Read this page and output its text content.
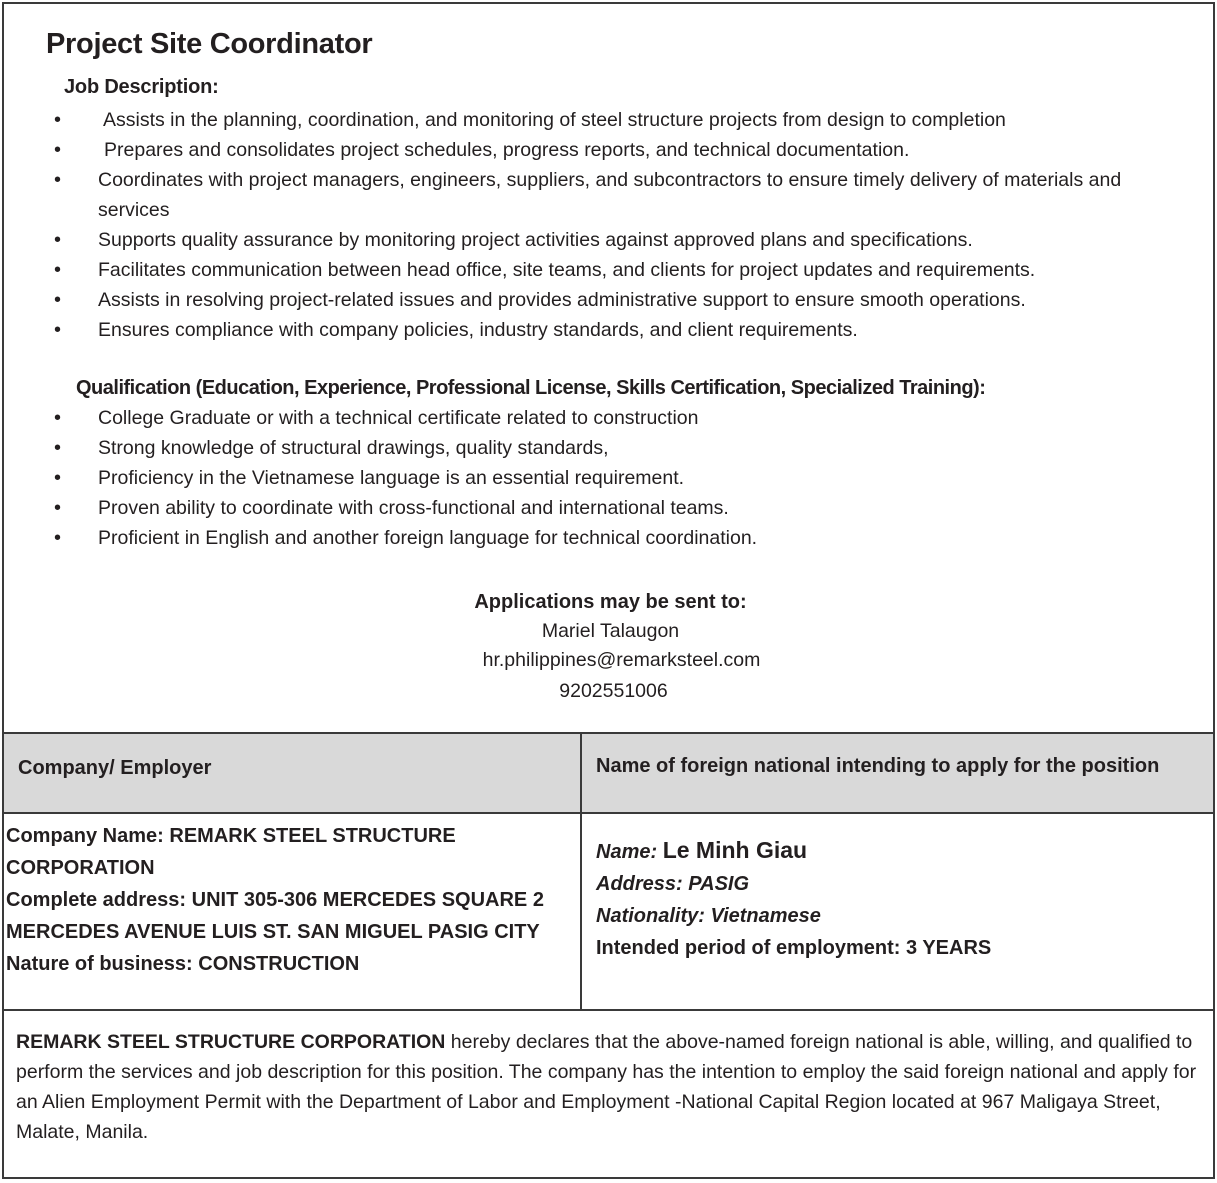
Project Site Coordinator
Job Description:
• Assists in the planning, coordination, and monitoring of steel structure projects from design to completion
• Prepares and consolidates project schedules, progress reports, and technical documentation.
• Coordinates with project managers, engineers, suppliers, and subcontractors to ensure timely delivery of materials and services
• Supports quality assurance by monitoring project activities against approved plans and specifications.
• Facilitates communication between head office, site teams, and clients for project updates and requirements.
• Assists in resolving project-related issues and provides administrative support to ensure smooth operations.
• Ensures compliance with company policies, industry standards, and client requirements.
Qualification (Education, Experience, Professional License, Skills Certification, Specialized Training):
• College Graduate or with a technical certificate related to construction
• Strong knowledge of structural drawings, quality standards,
• Proficiency in the Vietnamese language is an essential requirement.
• Proven ability to coordinate with cross-functional and international teams.
• Proficient in English and another foreign language for technical coordination.
Applications may be sent to:
Mariel Talaugon
hr.philippines@remarksteel.com
9202551006
Company/ Employer	Name of foreign national intending to apply for the position
Company Name: REMARK STEEL STRUCTURE CORPORATION
Complete address: UNIT 305-306 MERCEDES SQUARE 2 MERCEDES AVENUE LUIS ST. SAN MIGUEL PASIG CITY
Nature of business: CONSTRUCTION
Name: Le Minh Giau
Address: PASIG
Nationality: Vietnamese
Intended period of employment: 3 YEARS

REMARK STEEL STRUCTURE CORPORATION hereby declares that the above-named foreign national is able, willing, and qualified to perform the services and job description for this position. The company has the intention to employ the said foreign national and apply for an Alien Employment Permit with the Department of Labor and Employment -National Capital Region located at 967 Maligaya Street, Malate, Manila.
